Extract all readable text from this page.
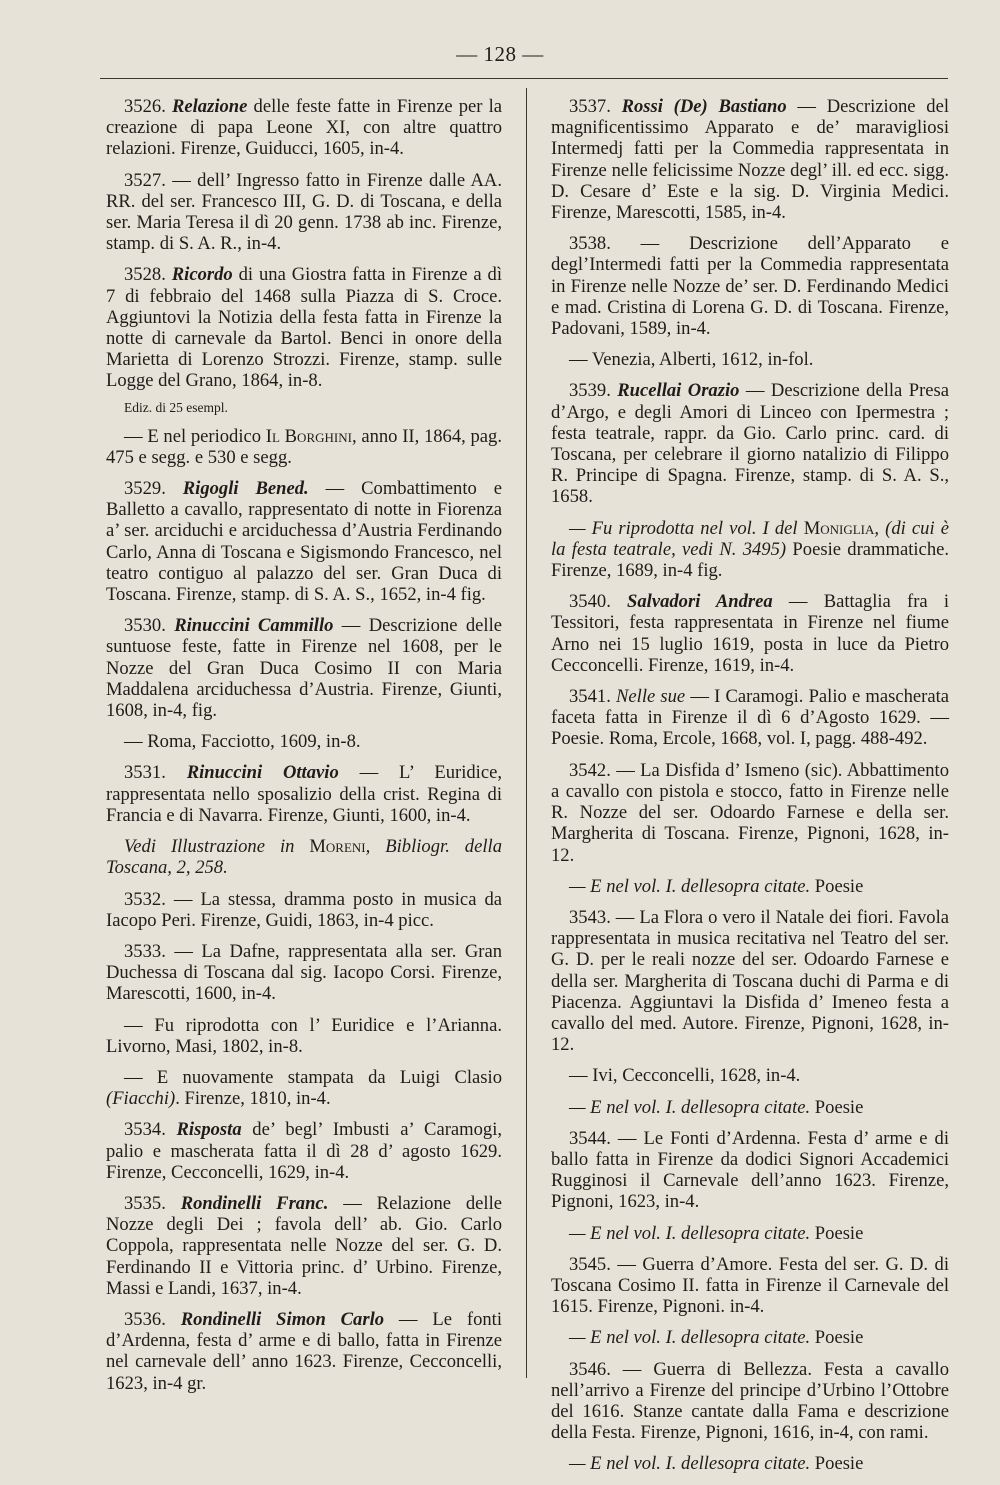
— 128 —
3526. Relazione delle feste fatte in Firenze per la creazione di papa Leone XI, con altre quattro relazioni. Firenze, Guiducci, 1605, in-4.
3527. — dell’ Ingresso fatto in Firenze dalle AA. RR. del ser. Francesco III, G. D. di Toscana, e della ser. Maria Teresa il dì 20 genn. 1738 ab inc. Firenze, stamp. di S. A. R., in-4.
3528. Ricordo di una Giostra fatta in Firenze a dì 7 di febbraio del 1468 sulla Piazza di S. Croce. Aggiuntovi la Notizia della festa fatta in Firenze la notte di carnevale da Bartol. Benci in onore della Marietta di Lorenzo Strozzi. Firenze, stamp. sulle Logge del Grano, 1864, in-8.
Ediz. di 25 esempl.
— E nel periodico Il Borghini, anno II, 1864, pag. 475 e segg. e 530 e segg.
3529. Rigogli Bened. — Combattimento e Balletto a cavallo, rappresentato di notte in Fiorenza a’ ser. arciduchi e arciduchessa d’Austria Ferdinando Carlo, Anna di Toscana e Sigismondo Francesco, nel teatro contiguo al palazzo del ser. Gran Duca di Toscana. Firenze, stamp. di S. A. S., 1652, in-4 fig.
3530. Rinuccini Cammillo — Descrizione delle suntuose feste, fatte in Firenze nel 1608, per le Nozze del Gran Duca Cosimo II con Maria Maddalena arciduchessa d’Austria. Firenze, Giunti, 1608, in-4, fig.
— Roma, Facciotto, 1609, in-8.
3531. Rinuccini Ottavio — L’ Euridice, rappresentata nello sposalizio della crist. Regina di Francia e di Navarra. Firenze, Giunti, 1600, in-4.
Vedi Illustrazione in Moreni, Bibliogr. della Toscana, 2, 258.
3532. — La stessa, dramma posto in musica da Iacopo Peri. Firenze, Guidi, 1863, in-4 picc.
3533. — La Dafne, rappresentata alla ser. Gran Duchessa di Toscana dal sig. Iacopo Corsi. Firenze, Marescotti, 1600, in-4.
— Fu riprodotta con l’ Euridice e l’Arianna. Livorno, Masi, 1802, in-8.
— E nuovamente stampata da Luigi Clasio (Fiacchi). Firenze, 1810, in-4.
3534. Risposta de’ begl’ Imbusti a’ Caramogi, palio e mascherata fatta il dì 28 d’ agosto 1629. Firenze, Cecconcelli, 1629, in-4.
3535. Rondinelli Franc. — Relazione delle Nozze degli Dei ; favola dell’ ab. Gio. Carlo Coppola, rappresentata nelle Nozze del ser. G. D. Ferdinando II e Vittoria princ. d’ Urbino. Firenze, Massi e Landi, 1637, in-4.
3536. Rondinelli Simon Carlo — Le fonti d’Ardenna, festa d’ arme e di ballo, fatta in Firenze nel carnevale dell’ anno 1623. Firenze, Cecconcelli, 1623, in-4 gr.
3537. Rossi (De) Bastiano — Descrizione del magnificentissimo Apparato e de’ maravigliosi Intermedj fatti per la Commedia rappresentata in Firenze nelle felicissime Nozze degl’ ill. ed ecc. sigg. D. Cesare d’ Este e la sig. D. Virginia Medici. Firenze, Marescotti, 1585, in-4.
3538. — Descrizione dell’Apparato e degl’Intermedi fatti per la Commedia rappresentata in Firenze nelle Nozze de’ ser. D. Ferdinando Medici e mad. Cristina di Lorena G. D. di Toscana. Firenze, Padovani, 1589, in-4.
— Venezia, Alberti, 1612, in-fol.
3539. Rucellai Orazio — Descrizione della Presa d’Argo, e degli Amori di Linceo con Ipermestra ; festa teatrale, rappr. da Gio. Carlo princ. card. di Toscana, per celebrare il giorno natalizio di Filippo R. Principe di Spagna. Firenze, stamp. di S. A. S., 1658.
— Fu riprodotta nel vol. I del Moniglia, (di cui è la festa teatrale, vedi N. 3495) Poesie drammatiche. Firenze, 1689, in-4 fig.
3540. Salvadori Andrea — Battaglia fra i Tessitori, festa rappresentata in Firenze nel fiume Arno nei 15 luglio 1619, posta in luce da Pietro Cecconcelli. Firenze, 1619, in-4.
3541. Nelle sue — I Caramogi. Palio e mascherata faceta fatta in Firenze il dì 6 d’Agosto 1629. — Poesie. Roma, Ercole, 1668, vol. I, pagg. 488-492.
3542. — La Disfida d’ Ismeno (sic). Abbattimento a cavallo con pistola e stocco, fatto in Firenze nelle R. Nozze del ser. Odoardo Farnese e della ser. Margherita di Toscana. Firenze, Pignoni, 1628, in-12.
— E nel vol. I. dellesopra citate. Poesie
3543. — La Flora o vero il Natale dei fiori. Favola rappresentata in musica recitativa nel Teatro del ser. G. D. per le reali nozze del ser. Odoardo Farnese e della ser. Margherita di Toscana duchi di Parma e di Piacenza. Aggiuntavi la Disfida d’ Imeneo festa a cavallo del med. Autore. Firenze, Pignoni, 1628, in-12.
— Ivi, Cecconcelli, 1628, in-4.
— E nel vol. I. dellesopra citate. Poesie
3544. — Le Fonti d’Ardenna. Festa d’ arme e di ballo fatta in Firenze da dodici Signori Accademici Rugginosi il Carnevale dell’anno 1623. Firenze, Pignoni, 1623, in-4.
— E nel vol. I. dellesopra citate. Poesie
3545. — Guerra d’Amore. Festa del ser. G. D. di Toscana Cosimo II. fatta in Firenze il Carnevale del 1615. Firenze, Pignoni. in-4.
— E nel vol. I. dellesopra citate. Poesie
3546. — Guerra di Bellezza. Festa a cavallo nell’arrivo a Firenze del principe d’Urbino l’Ottobre del 1616. Stanze cantate dalla Fama e descrizione della Festa. Firenze, Pignoni, 1616, in-4, con rami.
— E nel vol. I. dellesopra citate. Poesie
